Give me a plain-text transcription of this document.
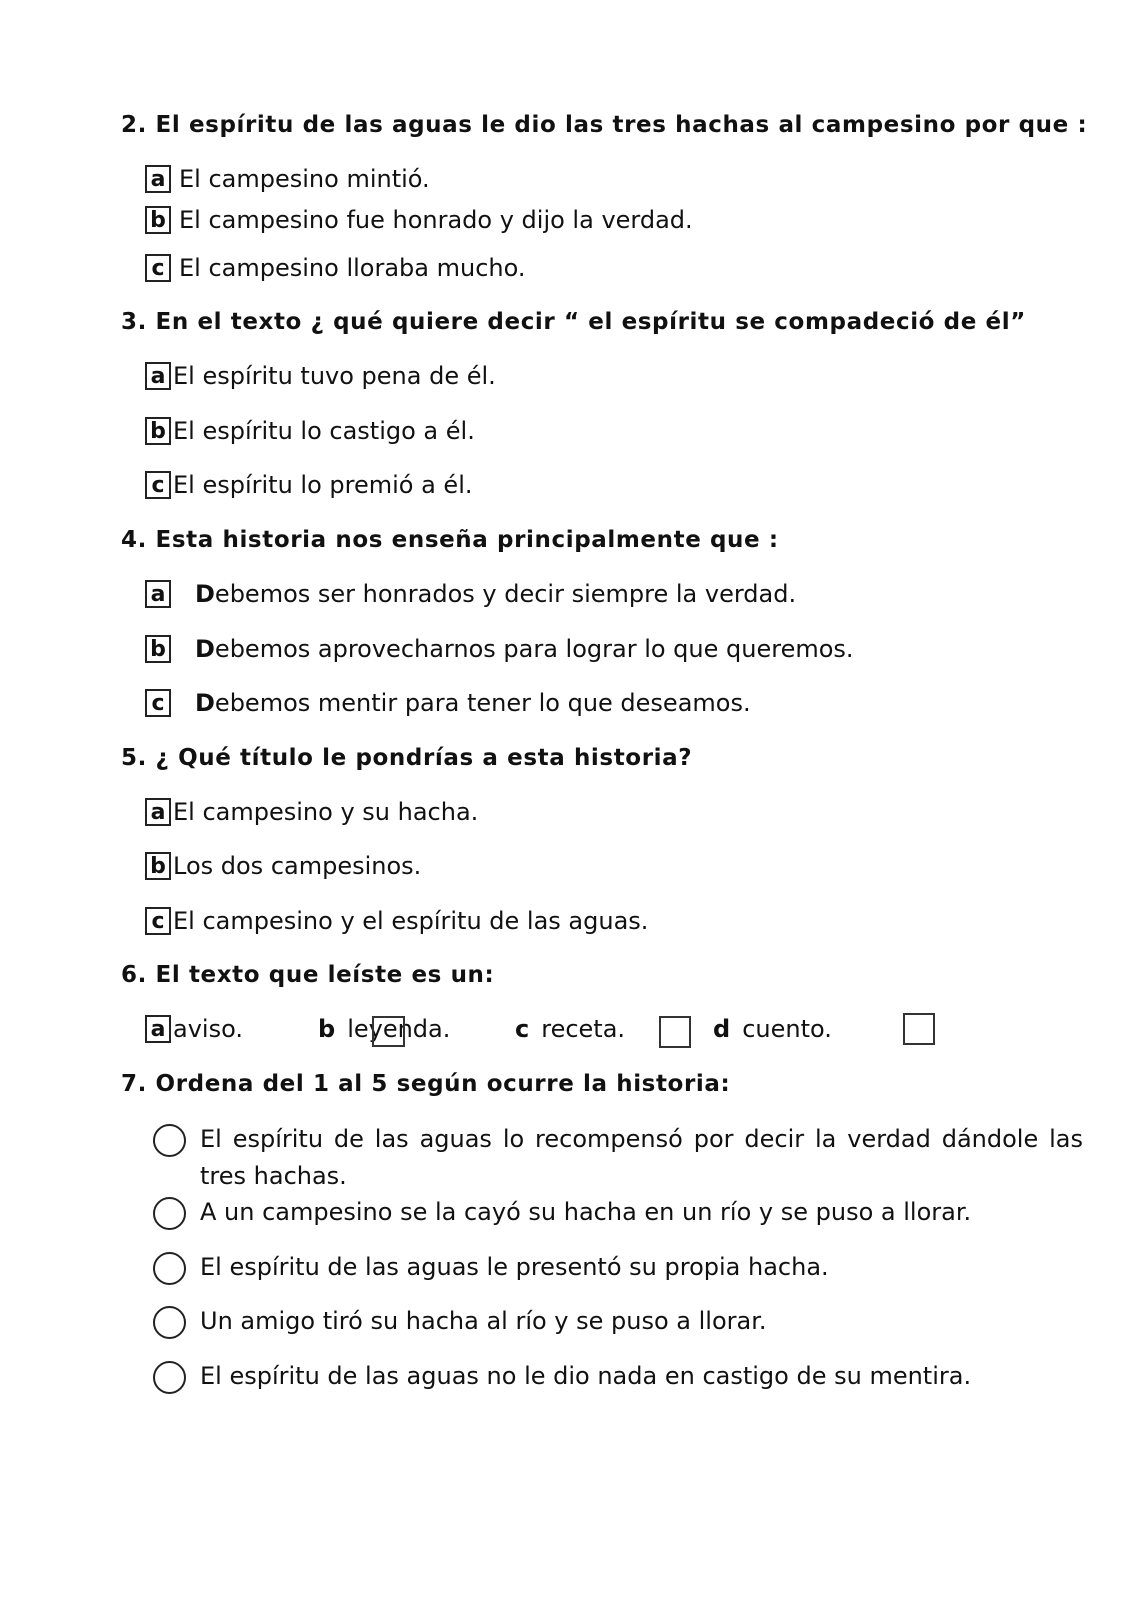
2. El espíritu de las aguas le dio las tres hachas al campesino por que :
a El campesino mintió.
b El campesino fue honrado y dijo la verdad.
c El campesino lloraba mucho.
3. En el texto ¿ qué quiere decir “ el espíritu se compadeció de él”
a El espíritu tuvo pena de él.
b El espíritu lo castigo a él.
c El espíritu lo premió a él.
4. Esta historia nos enseña principalmente que :
a D ebemos ser honrados y decir siempre la verdad.
b D ebemos aprovecharnos para lograr lo que queremos.
c D ebemos mentir para tener lo que deseamos.
5. ¿ Qué título le pondrías a esta historia?
a El campesino y su hacha.
b Los dos campesinos.
c El campesino y el espíritu de las aguas.
6. El texto que leíste es un:
a aviso.	b leyenda.	c receta.	d cuento.
7. Ordena del 1 al 5 según ocurre la historia:
El espíritu de las aguas lo recompensó por decir la verdad dándole las tres hachas.
A un campesino se la cayó su hacha en un río y se puso a llorar.
El espíritu de las aguas le presentó su propia hacha.
Un amigo tiró su hacha al río y se puso a llorar.
El espíritu de las aguas no le dio nada en castigo de su mentira.
